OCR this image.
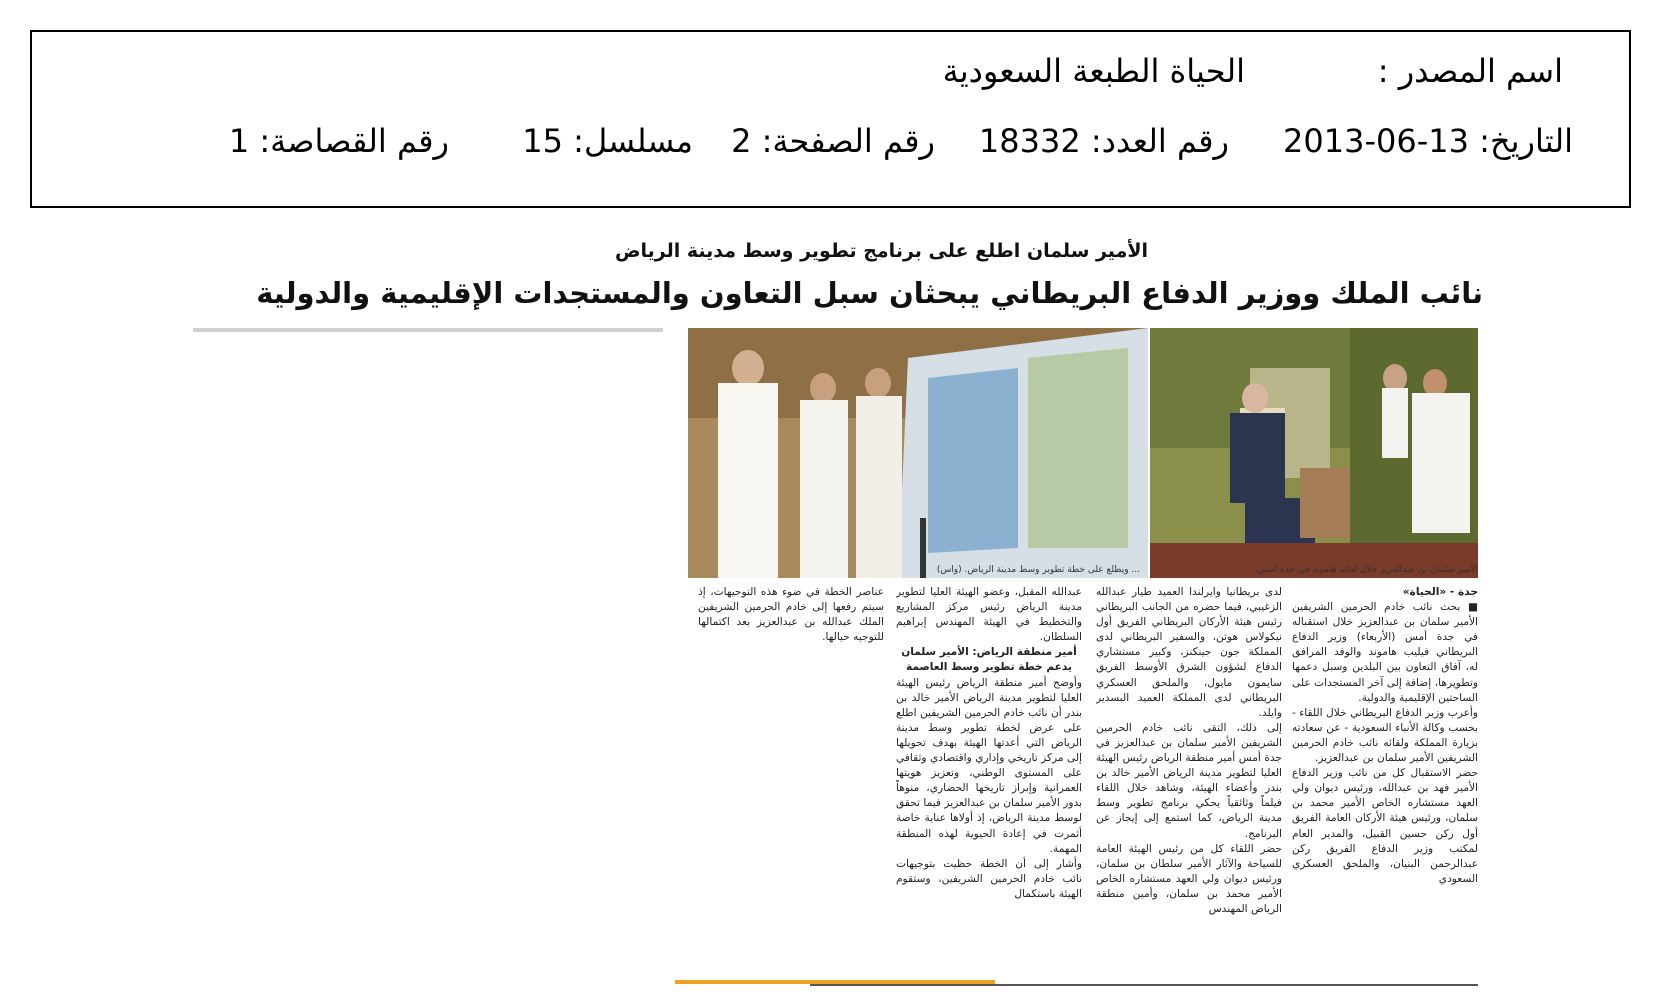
اسم المصدر :
الحياة الطبعة السعودية
التاريخ: 13-06-2013
رقم العدد: 18332
رقم الصفحة: 2
مسلسل: 15
رقم القصاصة: 1
الأمير سلمان اطلع على برنامج تطوير وسط مدينة الرياض
نائب الملك ووزير الدفاع البريطاني يبحثان سبل التعاون والمستجدات الإقليمية والدولية
الأمير سلمان بن عبدالعزيز خلال لقائه هاموند في جدة أمس.
... ويطلع على خطة تطوير وسط مدينة الرياض. (واس)

جدة - «الحياة»

■ بحث نائب خادم الحرمين الشريفين الأمير سلمان بن عبدالعزيز خلال استقباله في جدة أمس (الأربعاء) وزير الدفاع البريطاني فيليب هاموند والوفد المرافق له، آفاق التعاون بين البلدين وسبل دعمها وتطويرها، إضافة إلى آخر المستجدات على الساحتين الإقليمية والدولية.

وأعرب وزير الدفاع البريطاني خلال اللقاء - بحسب وكالة الأنباء السعودية - عن سعادته بزيارة المملكة ولقائه نائب خادم الحرمين الشريفين الأمير سلمان بن عبدالعزيز.

حضر الاستقبال كل من نائب وزير الدفاع الأمير فهد بن عبدالله، ورئيس ديوان ولي العهد مستشاره الخاص الأمير محمد بن سلمان، ورئيس هيئة الأركان العامة الفريق أول ركن حسين القبيل، والمدير العام لمكتب وزير الدفاع الفريق ركن عبدالرحمن البنيان، والملحق العسكري السعودي

لدى بريطانيا وايرلندا العميد طيار عبدالله الزغيبي، فيما حضره من الجانب البريطاني رئيس هيئة الأركان البريطاني الفريق أول نيكولاس هوتن، والسفير البريطاني لدى المملكة جون جينكنز، وكبير مستشاري الدفاع لشؤون الشرق الأوسط الفريق سايمون مايول، والملحق العسكري البريطاني لدى المملكة العميد البسدير وايلد.

إلى ذلك، التقى نائب خادم الحرمين الشريفين الأمير سلمان بن عبدالعزيز في جدة أمس أمير منطقة الرياض رئيس الهيئة العليا لتطوير مدينة الرياض الأمير خالد بن بندر وأعضاء الهيئة، وشاهد خلال اللقاء فيلماً وثائقياً يحكي برنامج تطوير وسط مدينة الرياض، كما استمع إلى إيجاز عن البرنامج.

حضر اللقاء كل من رئيس الهيئة العامة للسياحة والآثار الأمير سلطان بن سلمان، ورئيس ديوان ولي العهد مستشاره الخاص الأمير محمد بن سلمان، وأمين منطقة الرياض المهندس

عبدالله المقبل، وعضو الهيئة العليا لتطوير مدينة الرياض رئيس مركز المشاريع والتخطيط في الهيئة المهندس إبراهيم السلطان.

أمير منطقة الرياض: الأمير سلمان يدعم خطة تطوير وسط العاصمة

وأوضح أمير منطقة الرياض رئيس الهيئة العليا لتطوير مدينة الرياض الأمير خالد بن بندر أن نائب خادم الحرمين الشريفين اطلع على عرض لخطة تطوير وسط مدينة الرياض التي أعدتها الهيئة بهدف تحويلها إلى مركز تاريخي وإداري واقتصادي وثقافي على المستوى الوطني، وتعزيز هويتها العمرانية وإبراز تاريخها الحضاري، منوهاً بدور الأمير سلمان بن عبدالعزيز فيما تحقق لوسط مدينة الرياض، إذ أولاها عناية خاصة أثمرت في إعادة الحيوية لهذه المنطقة المهمة.

وأشار إلى أن الخطة حظيت بتوجيهات نائب خادم الحرمين الشريفين، وستقوم الهيئة باستكمال

عناصر الخطة في ضوء هذه التوجيهات، إذ سيتم رفعها إلى خادم الحرمين الشريفين الملك عبدالله بن عبدالعزيز بعد اكتمالها للتوجيه حيالها.
